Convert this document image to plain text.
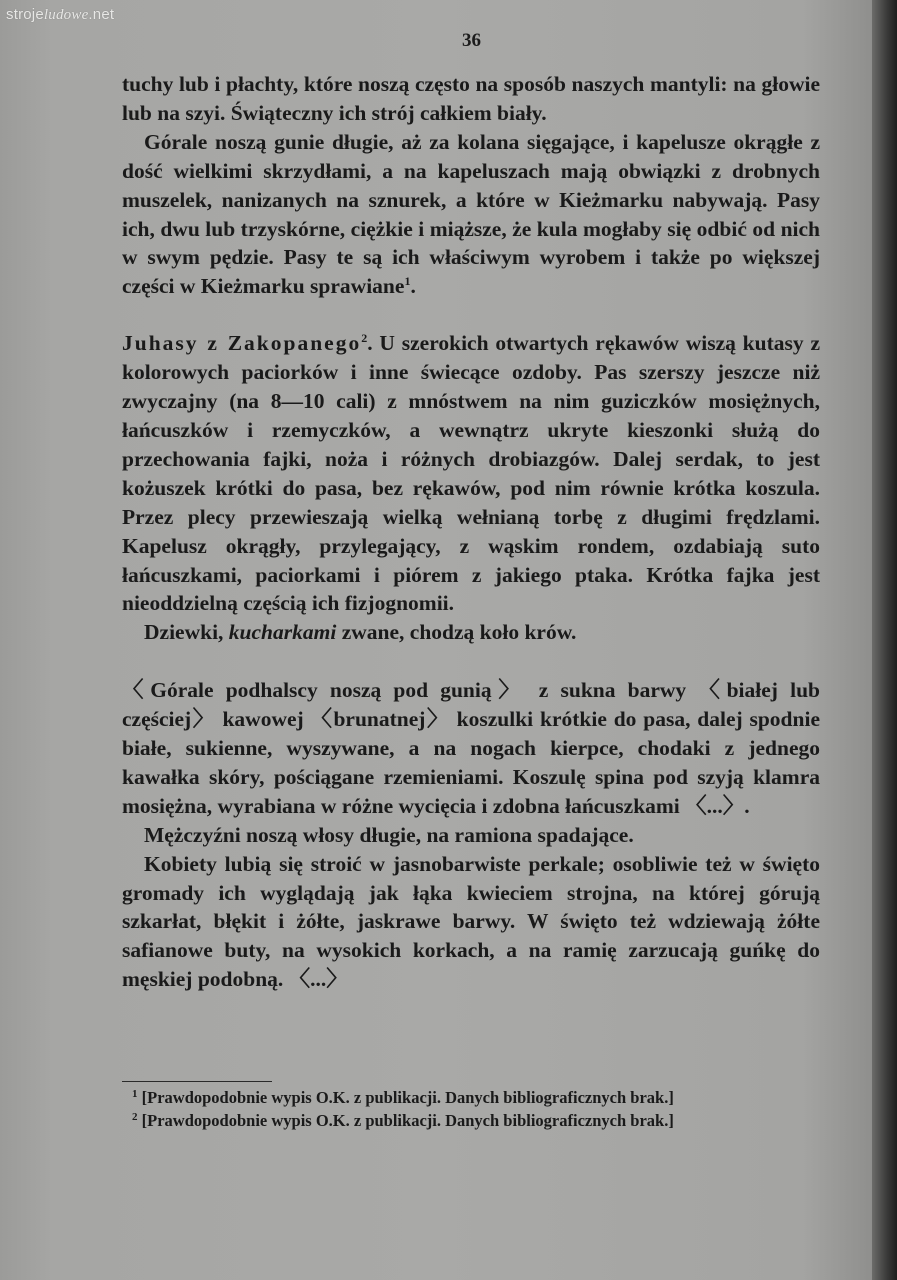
strojeludowe.net
36

tuchy lub i płachty, które noszą często na sposób naszych mantyli: na głowie lub na szyi. Świąteczny ich strój całkiem biały.

Górale noszą gunie długie, aż za kolana sięgające, i kapelusze okrągłe z dość wielkimi skrzydłami, a na kapeluszach mają obwiązki z drobnych muszelek, nanizanych na sznurek, a które w Kieżmarku nabywają. Pasy ich, dwu lub trzyskórne, ciężkie i miąższe, że kula mogłaby się odbić od nich w swym pędzie. Pasy te są ich właściwym wyrobem i także po większej części w Kieżmarku sprawiane$^1$.

Juhasy z Zakopanego$^2$. U szerokich otwartych rękawów wiszą kutasy z kolorowych paciorków i inne świecące ozdoby. Pas szerszy jeszcze niż zwyczajny (na 8—10 cali) z mnóstwem na nim guziczków mosiężnych, łańcuszków i rzemyczków, a wewnątrz ukryte kieszonki służą do przechowania fajki, noża i różnych drobiazgów. Dalej serdak, to jest kożuszek krótki do pasa, bez rękawów, pod nim równie krótka koszula. Przez plecy przewieszają wielką wełnianą torbę z długimi frędzlami. Kapelusz okrągły, przylegający, z wąskim rondem, ozdabiają suto łańcuszkami, paciorkami i piórem z jakiego ptaka. Krótka fajka jest nieoddzielną częścią ich fizjognomii.

Dziewki, kucharkami zwane, chodzą koło krów.

〈Górale podhalscy noszą pod gunią〉 z sukna barwy 〈białej lub częściej〉 kawowej 〈brunatnej〉 koszulki krótkie do pasa, dalej spodnie białe, sukienne, wyszywane, a na nogach kierpce, chodaki z jednego kawałka skóry, pościągane rzemieniami. Koszulę spina pod szyją klamra mosiężna, wyrabiana w różne wycięcia i zdobna łańcuszkami 〈...〉.

Mężczyźni noszą włosy długie, na ramiona spadające.

Kobiety lubią się stroić w jasnobarwiste perkale; osobliwie też w święto gromady ich wyglądają jak łąka kwieciem strojna, na której górują szkarłat, błękit i żółte, jaskrawe barwy. W święto też wdziewają żółte safianowe buty, na wysokich korkach, a na ramię zarzucają guńkę do męskiej podobną. 〈...〉

$^1$ [Prawdopodobnie wypis O.K. z publikacji. Danych bibliograficznych brak.]
$^2$ [Prawdopodobnie wypis O.K. z publikacji. Danych bibliograficznych brak.]
